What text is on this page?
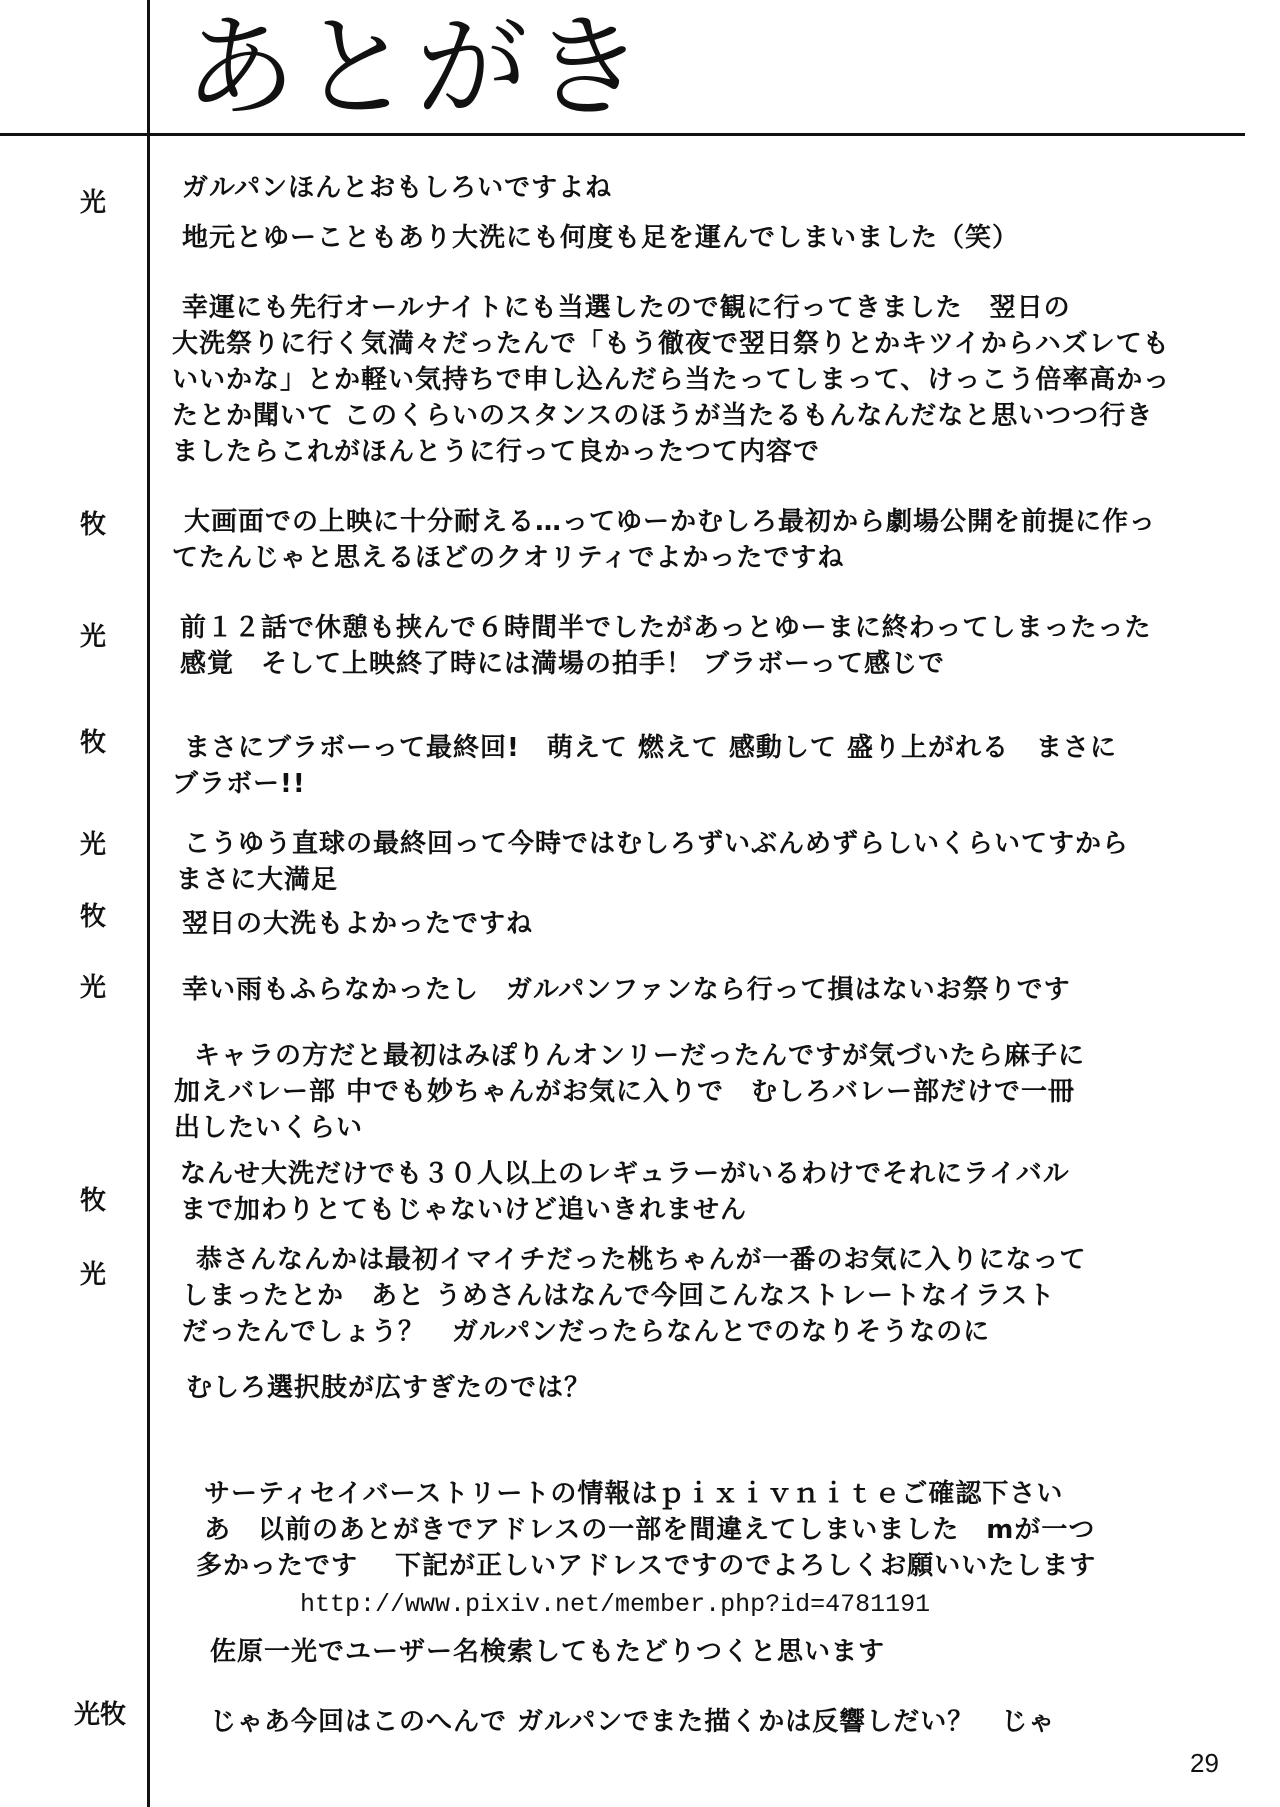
あとがき
光
牧
光
牧
光
牧
光
牧
光
光牧
ガルパンほんとおもしろいですよね
地元とゆーこともあり大洗にも何度も足を運んでしまいました（笑）
幸運にも先行オールナイトにも当選したので観に行ってきました　翌日の
大洗祭りに行く気満々だったんで「もう徹夜で翌日祭りとかキツイからハズレても
いいかな」とか軽い気持ちで申し込んだら当たってしまって、けっこう倍率高かっ
たとか聞いて このくらいのスタンスのほうが当たるもんなんだなと思いつつ行き
ましたらこれがほんとうに行って良かったつて内容で
大画面での上映に十分耐える…ってゆーかむしろ最初から劇場公開を前提に作っ
てたんじゃと思えるほどのクオリティでよかったですね
前１２話で休憩も挟んで６時間半でしたがあっとゆーまに終わってしまったった
感覚　そして上映終了時には満場の拍手！ ブラボーって感じで
まさにブラボーって最終回!　萌えて 燃えて 感動して 盛り上がれる　まさに
ブラボー!!
こうゆう直球の最終回って今時ではむしろずいぶんめずらしいくらいてすから
まさに大満足
翌日の大洗もよかったですね
幸い雨もふらなかったし　ガルパンファンなら行って損はないお祭りです
キャラの方だと最初はみぽりんオンリーだったんですが気づいたら麻子に
加えバレー部 中でも妙ちゃんがお気に入りで　むしろバレー部だけで一冊
出したいくらい
なんせ大洗だけでも３０人以上のレギュラーがいるわけでそれにライバル
まで加わりとてもじゃないけど追いきれません
恭さんなんかは最初イマイチだった桃ちゃんが一番のお気に入りになって
しまったとか　あと うめさんはなんで今回こんなストレートなイラスト
だったんでしょう？　ガルパンだったらなんとでのなりそうなのに
むしろ選択肢が広すぎたのでは？
サーティセイバーストリートの情報はｐｉｘｉｖｎｉｔｅご確認下さい
あ　以前のあとがきでアドレスの一部を間違えてしまいました　mが一つ
多かったです　 下記が正しいアドレスですのでよろしくお願いいたします
http://www.pixiv.net/member.php?id=4781191
佐原一光でユーザー名検索してもたどりつくと思います
じゃあ今回はこのへんで ガルパンでまた描くかは反響しだい？　じゃ
29
